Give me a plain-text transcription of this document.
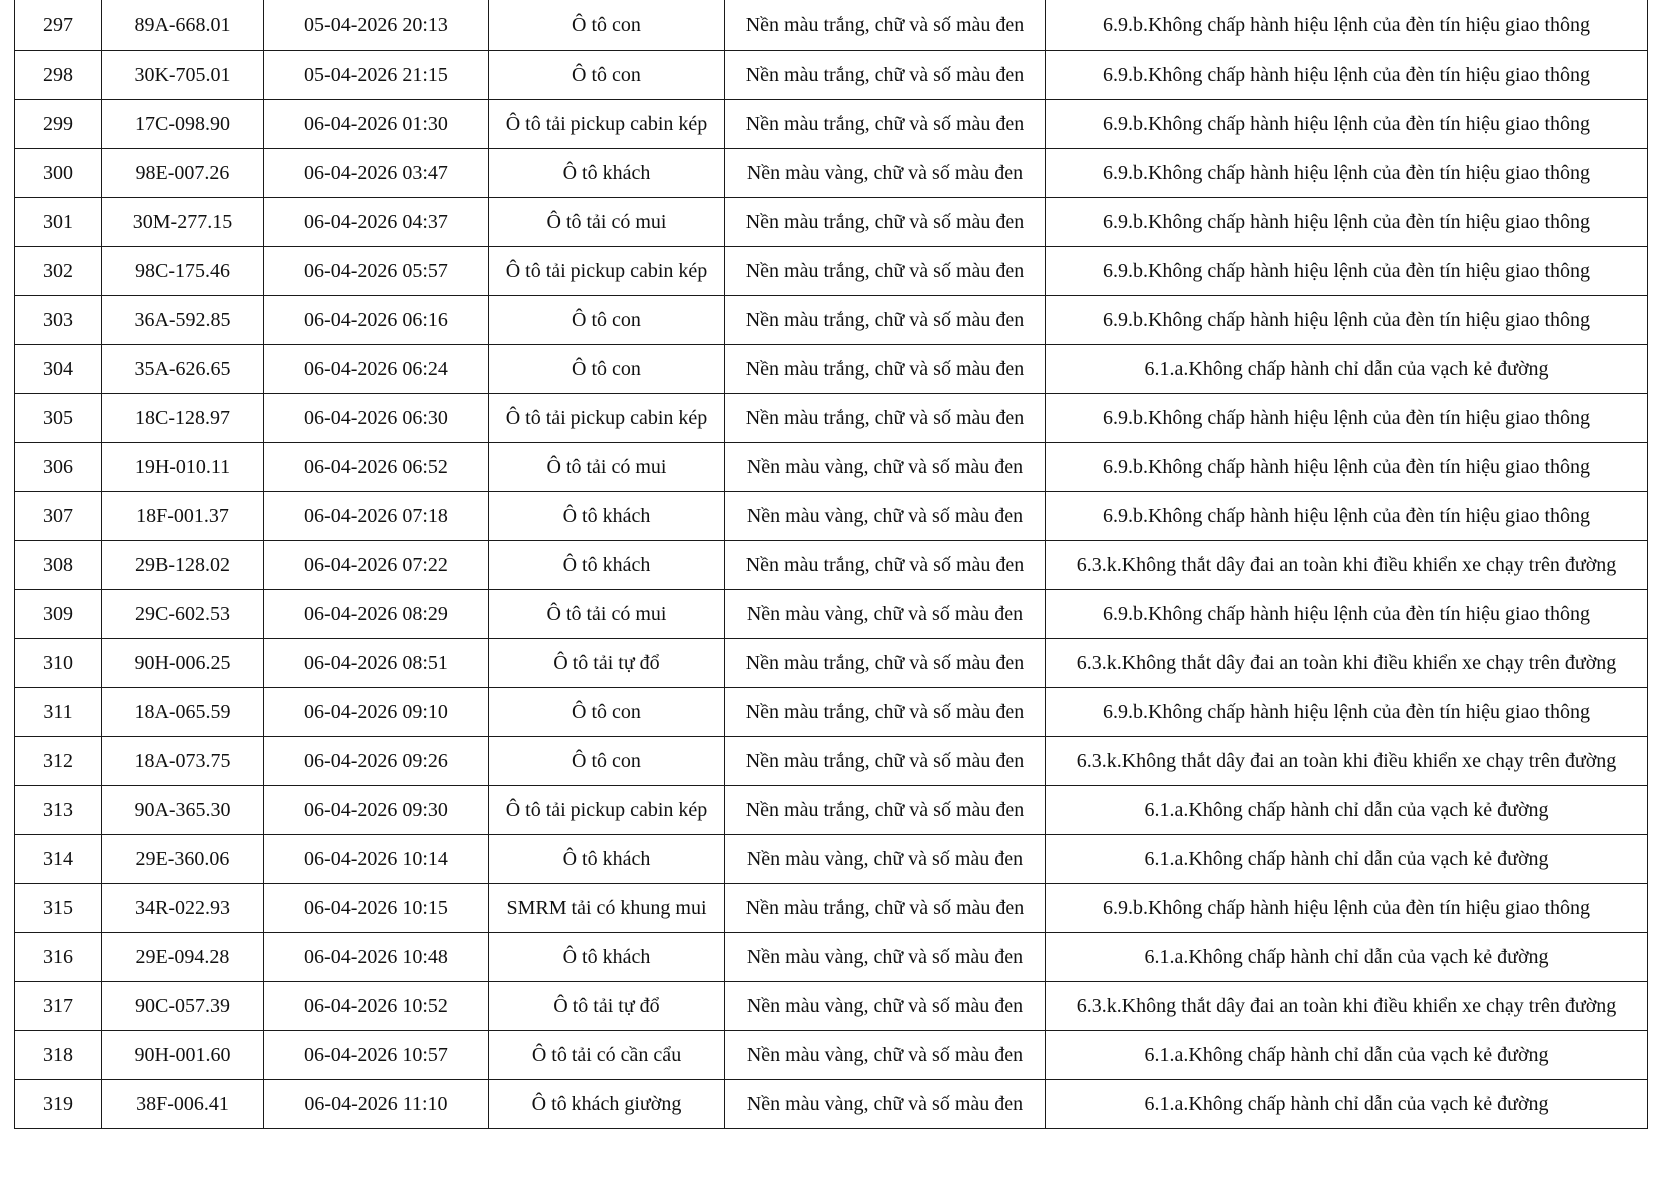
297	89A-668.01	05-04-2026 20:13	Ô tô con	Nền màu trắng, chữ và số màu đen	6.9.b.Không chấp hành hiệu lệnh của đèn tín hiệu giao thông
298	30K-705.01	05-04-2026 21:15	Ô tô con	Nền màu trắng, chữ và số màu đen	6.9.b.Không chấp hành hiệu lệnh của đèn tín hiệu giao thông
299	17C-098.90	06-04-2026 01:30	Ô tô tải pickup cabin kép	Nền màu trắng, chữ và số màu đen	6.9.b.Không chấp hành hiệu lệnh của đèn tín hiệu giao thông
300	98E-007.26	06-04-2026 03:47	Ô tô khách	Nền màu vàng, chữ và số màu đen	6.9.b.Không chấp hành hiệu lệnh của đèn tín hiệu giao thông
301	30M-277.15	06-04-2026 04:37	Ô tô tải có mui	Nền màu trắng, chữ và số màu đen	6.9.b.Không chấp hành hiệu lệnh của đèn tín hiệu giao thông
302	98C-175.46	06-04-2026 05:57	Ô tô tải pickup cabin kép	Nền màu trắng, chữ và số màu đen	6.9.b.Không chấp hành hiệu lệnh của đèn tín hiệu giao thông
303	36A-592.85	06-04-2026 06:16	Ô tô con	Nền màu trắng, chữ và số màu đen	6.9.b.Không chấp hành hiệu lệnh của đèn tín hiệu giao thông
304	35A-626.65	06-04-2026 06:24	Ô tô con	Nền màu trắng, chữ và số màu đen	6.1.a.Không chấp hành chỉ dẫn của vạch kẻ đường
305	18C-128.97	06-04-2026 06:30	Ô tô tải pickup cabin kép	Nền màu trắng, chữ và số màu đen	6.9.b.Không chấp hành hiệu lệnh của đèn tín hiệu giao thông
306	19H-010.11	06-04-2026 06:52	Ô tô tải có mui	Nền màu vàng, chữ và số màu đen	6.9.b.Không chấp hành hiệu lệnh của đèn tín hiệu giao thông
307	18F-001.37	06-04-2026 07:18	Ô tô khách	Nền màu vàng, chữ và số màu đen	6.9.b.Không chấp hành hiệu lệnh của đèn tín hiệu giao thông
308	29B-128.02	06-04-2026 07:22	Ô tô khách	Nền màu trắng, chữ và số màu đen	6.3.k.Không thắt dây đai an toàn khi điều khiển xe chạy trên đường
309	29C-602.53	06-04-2026 08:29	Ô tô tải có mui	Nền màu vàng, chữ và số màu đen	6.9.b.Không chấp hành hiệu lệnh của đèn tín hiệu giao thông
310	90H-006.25	06-04-2026 08:51	Ô tô tải tự đổ	Nền màu trắng, chữ và số màu đen	6.3.k.Không thắt dây đai an toàn khi điều khiển xe chạy trên đường
311	18A-065.59	06-04-2026 09:10	Ô tô con	Nền màu trắng, chữ và số màu đen	6.9.b.Không chấp hành hiệu lệnh của đèn tín hiệu giao thông
312	18A-073.75	06-04-2026 09:26	Ô tô con	Nền màu trắng, chữ và số màu đen	6.3.k.Không thắt dây đai an toàn khi điều khiển xe chạy trên đường
313	90A-365.30	06-04-2026 09:30	Ô tô tải pickup cabin kép	Nền màu trắng, chữ và số màu đen	6.1.a.Không chấp hành chỉ dẫn của vạch kẻ đường
314	29E-360.06	06-04-2026 10:14	Ô tô khách	Nền màu vàng, chữ và số màu đen	6.1.a.Không chấp hành chỉ dẫn của vạch kẻ đường
315	34R-022.93	06-04-2026 10:15	SMRM tải có khung mui	Nền màu trắng, chữ và số màu đen	6.9.b.Không chấp hành hiệu lệnh của đèn tín hiệu giao thông
316	29E-094.28	06-04-2026 10:48	Ô tô khách	Nền màu vàng, chữ và số màu đen	6.1.a.Không chấp hành chỉ dẫn của vạch kẻ đường
317	90C-057.39	06-04-2026 10:52	Ô tô tải tự đổ	Nền màu vàng, chữ và số màu đen	6.3.k.Không thắt dây đai an toàn khi điều khiển xe chạy trên đường
318	90H-001.60	06-04-2026 10:57	Ô tô tải có cần cẩu	Nền màu vàng, chữ và số màu đen	6.1.a.Không chấp hành chỉ dẫn của vạch kẻ đường
319	38F-006.41	06-04-2026 11:10	Ô tô khách giường	Nền màu vàng, chữ và số màu đen	6.1.a.Không chấp hành chỉ dẫn của vạch kẻ đường
